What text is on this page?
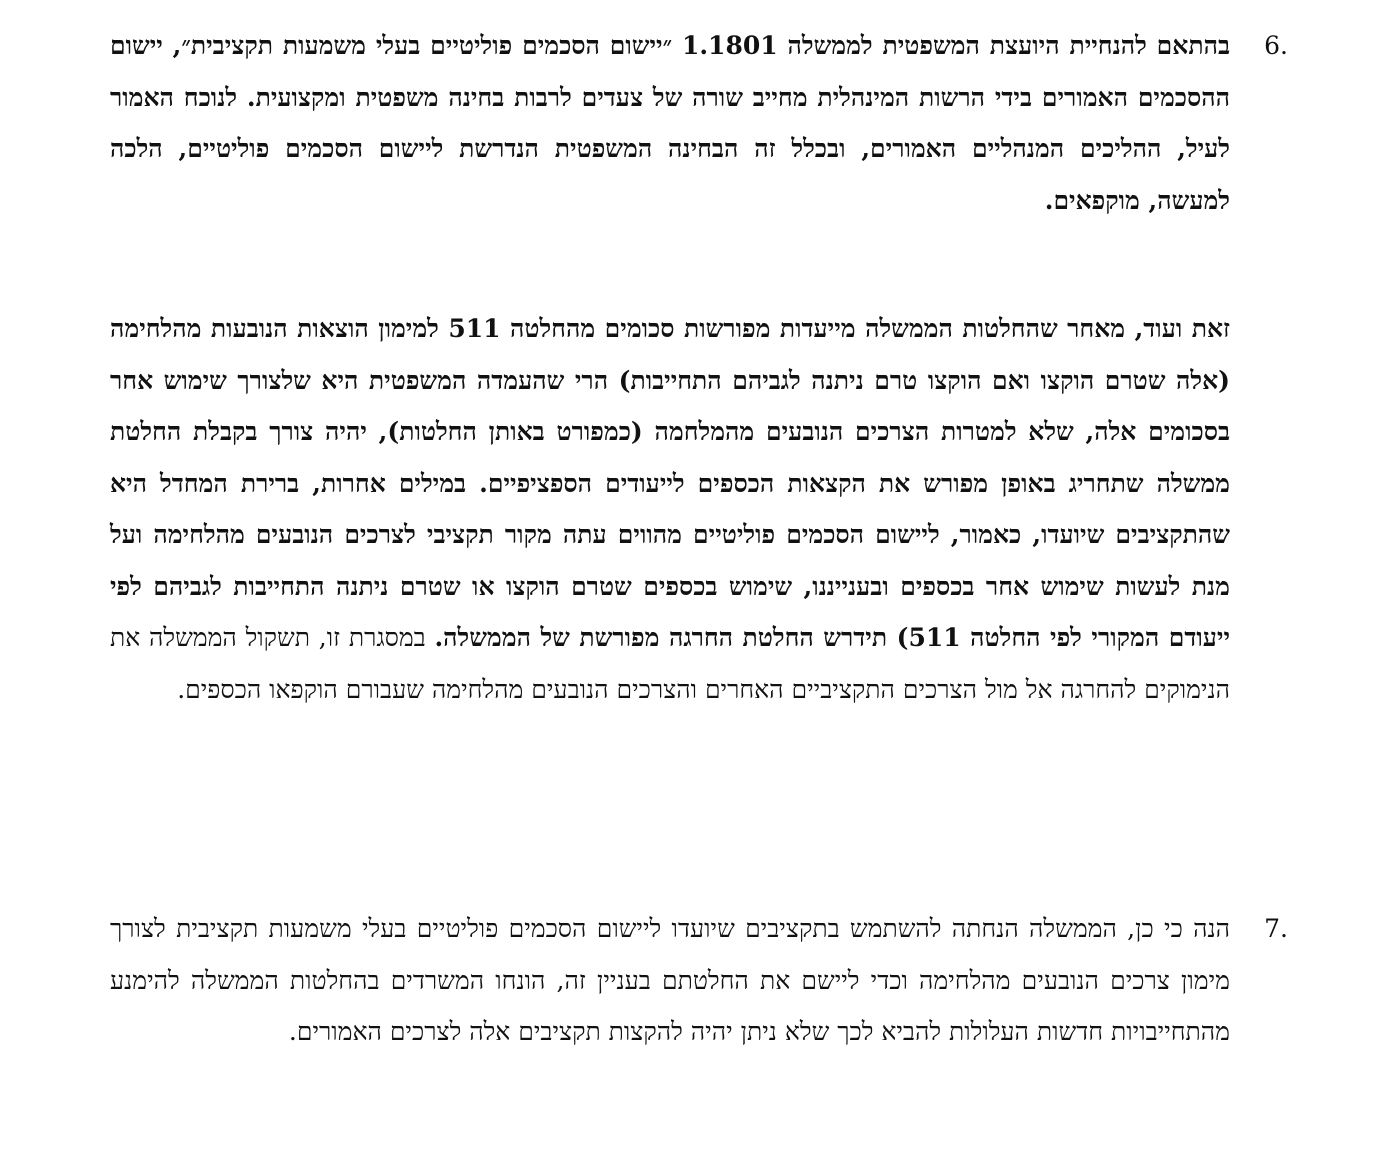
6.
בהתאם להנחיית היועצת המשפטית לממשלה 1.1801 ״יישום הסכמים פוליטיים בעלי משמעות תקציבית״, יישום ההסכמים האמורים בידי הרשות המינהלית מחייב שורה של צעדים לרבות בחינה משפטית ומקצועית. לנוכח האמור לעיל, ההליכים המנהליים האמורים, ובכלל זה הבחינה המשפטית הנדרשת ליישום הסכמים פוליטיים, הלכה למעשה, מוקפאים.

זאת ועוד, מאחר שהחלטות הממשלה מייעדות מפורשות סכומים מהחלטה 511 למימון הוצאות הנובעות מהלחימה (אלה שטרם הוקצו ואם הוקצו טרם ניתנה לגביהם התחייבות) הרי שהעמדה המשפטית היא שלצורך שימוש אחר בסכומים אלה, שלא למטרות הצרכים הנובעים מהמלחמה (כמפורט באותן החלטות), יהיה צורך בקבלת החלטת ממשלה שתחריג באופן מפורש את הקצאות הכספים לייעודים הספציפיים. במילים אחרות, ברירת המחדל היא שהתקציבים שיועדו, כאמור, ליישום הסכמים פוליטיים מהווים עתה מקור תקציבי לצרכים הנובעים מהלחימה ועל מנת לעשות שימוש אחר בכספים ובענייננו, שימוש בכספים שטרם הוקצו או שטרם ניתנה התחייבות לגביהם לפי ייעודם המקורי לפי החלטה 511) תידרש החלטת החרגה מפורשת של הממשלה. במסגרת זו, תשקול הממשלה את הנימוקים להחרגה אל מול הצרכים התקציביים האחרים והצרכים הנובעים מהלחימה שעבורם הוקפאו הכספים.

7.
הנה כי כן, הממשלה הנחתה להשתמש בתקציבים שיועדו ליישום הסכמים פוליטיים בעלי משמעות תקציבית לצורך מימון צרכים הנובעים מהלחימה וכדי ליישם את החלטתם בעניין זה, הונחו המשרדים בהחלטות הממשלה להימנע מהתחייבויות חדשות העלולות להביא לכך שלא ניתן יהיה להקצות תקציבים אלה לצרכים האמורים.
